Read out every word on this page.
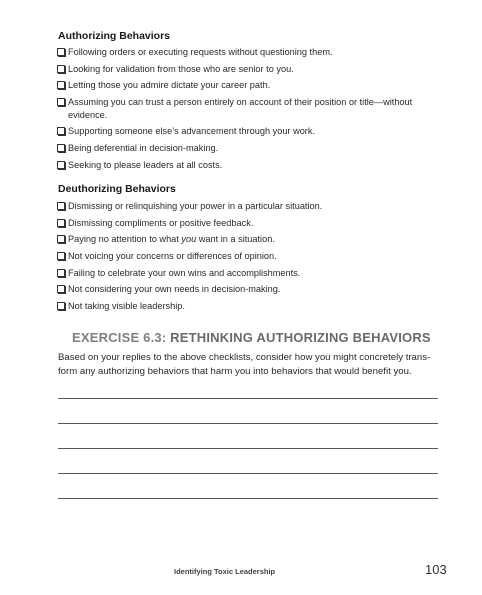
Authorizing Behaviors
Following orders or executing requests without questioning them.
Looking for validation from those who are senior to you.
Letting those you admire dictate your career path.
Assuming you can trust a person entirely on account of their position or title—without evidence.
Supporting someone else’s advancement through your work.
Being deferential in decision-making.
Seeking to please leaders at all costs.
Deuthorizing Behaviors
Dismissing or relinquishing your power in a particular situation.
Dismissing compliments or positive feedback.
Paying no attention to what you want in a situation.
Not voicing your concerns or differences of opinion.
Failing to celebrate your own wins and accomplishments.
Not considering your own needs in decision-making.
Not taking visible leadership.
EXERCISE 6.3: RETHINKING AUTHORIZING BEHAVIORS

Based on your replies to the above checklists, consider how you might concretely transform any authorizing behaviors that harm you into behaviors that would benefit you.

Identifying Toxic Leadership	103
